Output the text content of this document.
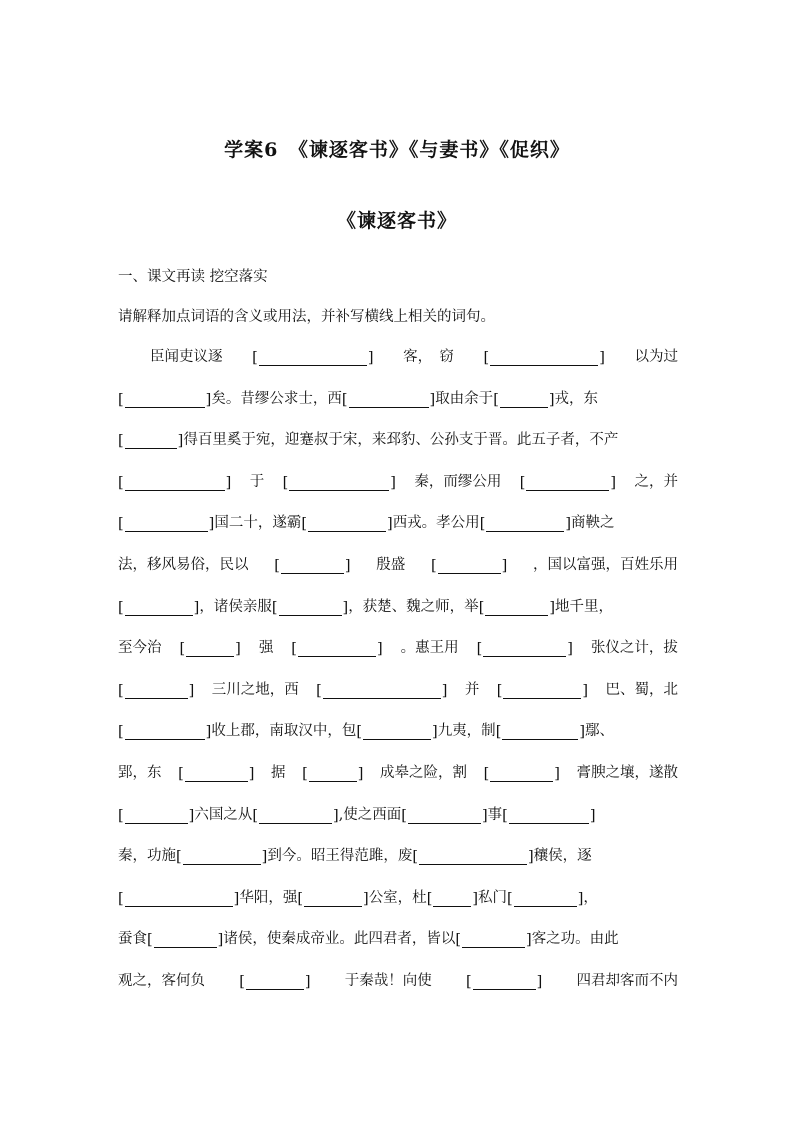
学案6　《谏逐客书》《与妻书》《促织》
《谏逐客书》
一、课文再读 挖空落实
请解释加点词语的含义或用法，并补写横线上相关的词句。
臣闻吏议逐 [	] 客，　窃 [	] 以为过
[	] 矣。昔缪公求士，西 [	] 取由余于 [	] 戎，东
[	] 得百里奚于宛，迎蹇叔于宋，来邳豹、公孙支于晋。此五子者，不产
[	] 于 [	] 秦，而缪公用 [	] 之，并
[	] 国二十，遂霸 [	] 西戎。孝公用 [	] 商鞅之
法，移风易俗，民以 [	] 殷盛 [	] ，国以富强，百姓乐用
[	] ，诸侯亲服 [	] ，获楚、魏之师，举 [	] 地千里，
至今治 [	] 强 [	] 。惠王用 [	] 张仪之计，拔
[	] 三川之地，西 [	] 并 [	] 巴、蜀，北
[	] 收上郡，南取汉中，包 [	] 九夷，制 [	] 鄢、
郢，东 [	] 据 [	] 成皋之险，割 [	] 膏腴之壤，遂散
[	] 六国之从 [	] ,使之西面 [	] 事 [	]
秦，功施 [	] 到今。昭王得范雎，废 [	] 穰侯，逐
[	] 华阳，强 [	] 公室，杜 [	] 私门 [	] ，
蚕食 [	] 诸侯，使秦成帝业。此四君者，皆以 [	] 客之功。由此
观之，客何负 [	] 于秦哉！向使 [	] 四君却客而不内
